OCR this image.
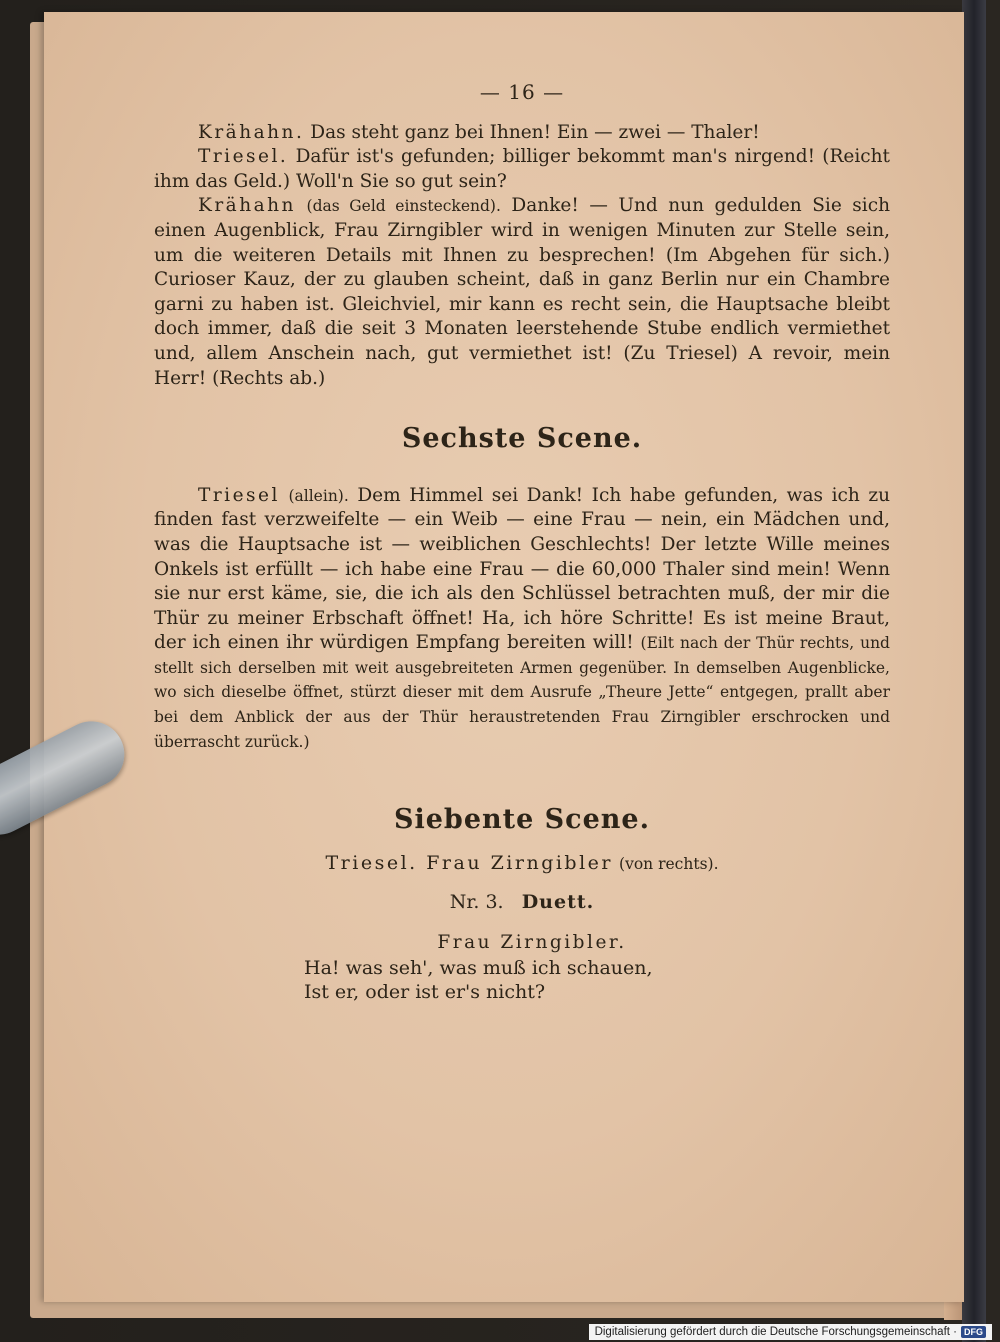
— 16 —

Krähahn. Das steht ganz bei Ihnen! Ein — zwei — Thaler!

Triesel. Dafür ist's gefunden; billiger bekommt man's nirgend! (Reicht ihm das Geld.) Woll'n Sie so gut sein?

Krähahn (das Geld einsteckend). Danke! — Und nun gedulden Sie sich einen Augenblick, Frau Zirngibler wird in wenigen Minuten zur Stelle sein, um die weiteren Details mit Ihnen zu besprechen! (Im Abgehen für sich.) Curioser Kauz, der zu glauben scheint, daß in ganz Berlin nur ein Chambre garni zu haben ist. Gleichviel, mir kann es recht sein, die Hauptsache bleibt doch immer, daß die seit 3 Monaten leerstehende Stube endlich vermiethet und, allem Anschein nach, gut vermiethet ist! (Zu Triesel) A revoir, mein Herr! (Rechts ab.)

Sechste Scene.

Triesel (allein). Dem Himmel sei Dank! Ich habe gefunden, was ich zu finden fast verzweifelte — ein Weib — eine Frau — nein, ein Mädchen und, was die Hauptsache ist — weiblichen Geschlechts! Der letzte Wille meines Onkels ist erfüllt — ich habe eine Frau — die 60,000 Thaler sind mein! Wenn sie nur erst käme, sie, die ich als den Schlüssel betrachten muß, der mir die Thür zu meiner Erbschaft öffnet! Ha, ich höre Schritte! Es ist meine Braut, der ich einen ihr würdigen Empfang bereiten will! (Eilt nach der Thür rechts, und stellt sich derselben mit weit ausgebreiteten Armen gegenüber. In demselben Augenblicke, wo sich dieselbe öffnet, stürzt dieser mit dem Ausrufe „Theure Jette“ entgegen, prallt aber bei dem Anblick der aus der Thür heraustretenden Frau Zirngibler erschrocken und überrascht zurück.)

Siebente Scene.
Triesel. Frau Zirngibler (von rechts).
Nr. 3. Duett.
Frau Zirngibler.
Ha! was seh', was muß ich schauen,
Ist er, oder ist er's nicht?
Digitalisierung gefördert durch die Deutsche Forschungsgemeinschaft · DFG
